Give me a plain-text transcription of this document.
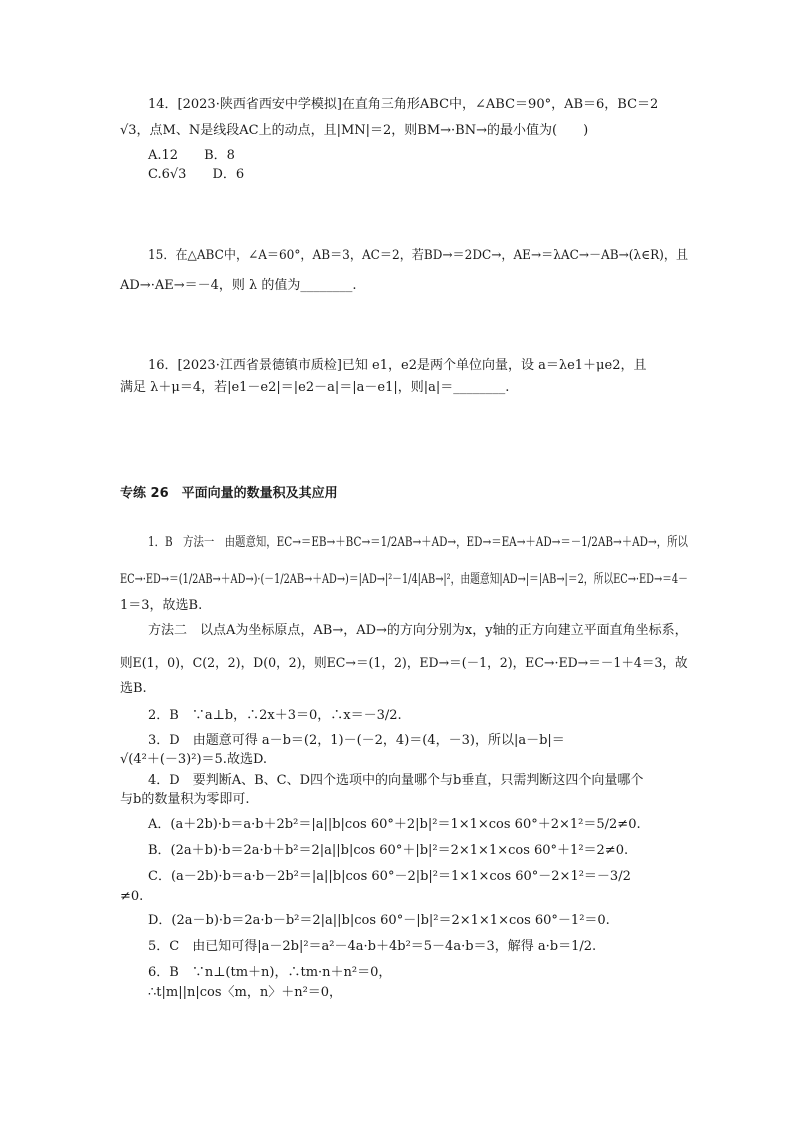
14．[2023·陕西省西安中学模拟]在直角三角形ABC中，∠ABC＝90°，AB＝6，BC＝2
√3，点M、N是线段AC上的动点，且|MN|＝2，则BM→·BN→的最小值为(　　)
A.12　　B．8
C.6√3　　D．6
15．在△ABC中，∠A＝60°，AB＝3，AC＝2，若BD→＝2DC→，AE→＝λAC→－AB→(λ∈R)，且
AD→·AE→＝－4，则 λ 的值为________.
16．[2023·江西省景德镇市质检]已知 e1，e2是两个单位向量，设 a＝λe1＋μe2，且
满足 λ＋μ＝4，若|e1－e2|＝|e2－a|＝|a－e1|，则|a|＝________.
专练 26　平面向量的数量积及其应用
1．B　方法一　由题意知，EC→＝EB→＋BC→＝1/2AB→＋AD→，ED→＝EA→＋AD→＝－1/2AB→＋AD→，所以
EC→·ED→＝(1/2AB→＋AD→)·(－1/2AB→＋AD→)＝|AD→|²－1/4|AB→|²，由题意知|AD→|＝|AB→|＝2，所以EC→·ED→＝4－
1＝3，故选B.
方法二　以点A为坐标原点，AB→，AD→的方向分别为x，y轴的正方向建立平面直角坐标系，
则E(1，0)，C(2，2)，D(0，2)，则EC→＝(1，2)，ED→＝(－1，2)，EC→·ED→＝－1＋4＝3，故
选B.
2．B　∵a⊥b，∴2x＋3＝0，∴x＝－3/2.
3．D　由题意可得 a－b＝(2，1)－(－2，4)＝(4，－3)，所以|a－b|＝
√(4²＋(－3)²)＝5.故选D.
4．D　要判断A、B、C、D四个选项中的向量哪个与b垂直，只需判断这四个向量哪个
与b的数量积为零即可.
A．(a＋2b)·b＝a·b＋2b²＝|a||b|cos 60°＋2|b|²＝1×1×cos 60°＋2×1²＝5/2≠0.
B．(2a＋b)·b＝2a·b＋b²＝2|a||b|cos 60°＋|b|²＝2×1×1×cos 60°＋1²＝2≠0.
C．(a－2b)·b＝a·b－2b²＝|a||b|cos 60°－2|b|²＝1×1×cos 60°－2×1²＝－3/2
≠0.
D．(2a－b)·b＝2a·b－b²＝2|a||b|cos 60°－|b|²＝2×1×1×cos 60°－1²＝0.
5．C　由已知可得|a－2b|²＝a²－4a·b＋4b²＝5－4a·b＝3，解得 a·b＝1/2.
6．B　∵n⊥(tm＋n)，∴tm·n＋n²＝0，
∴t|m||n|cos〈m，n〉＋n²＝0，
